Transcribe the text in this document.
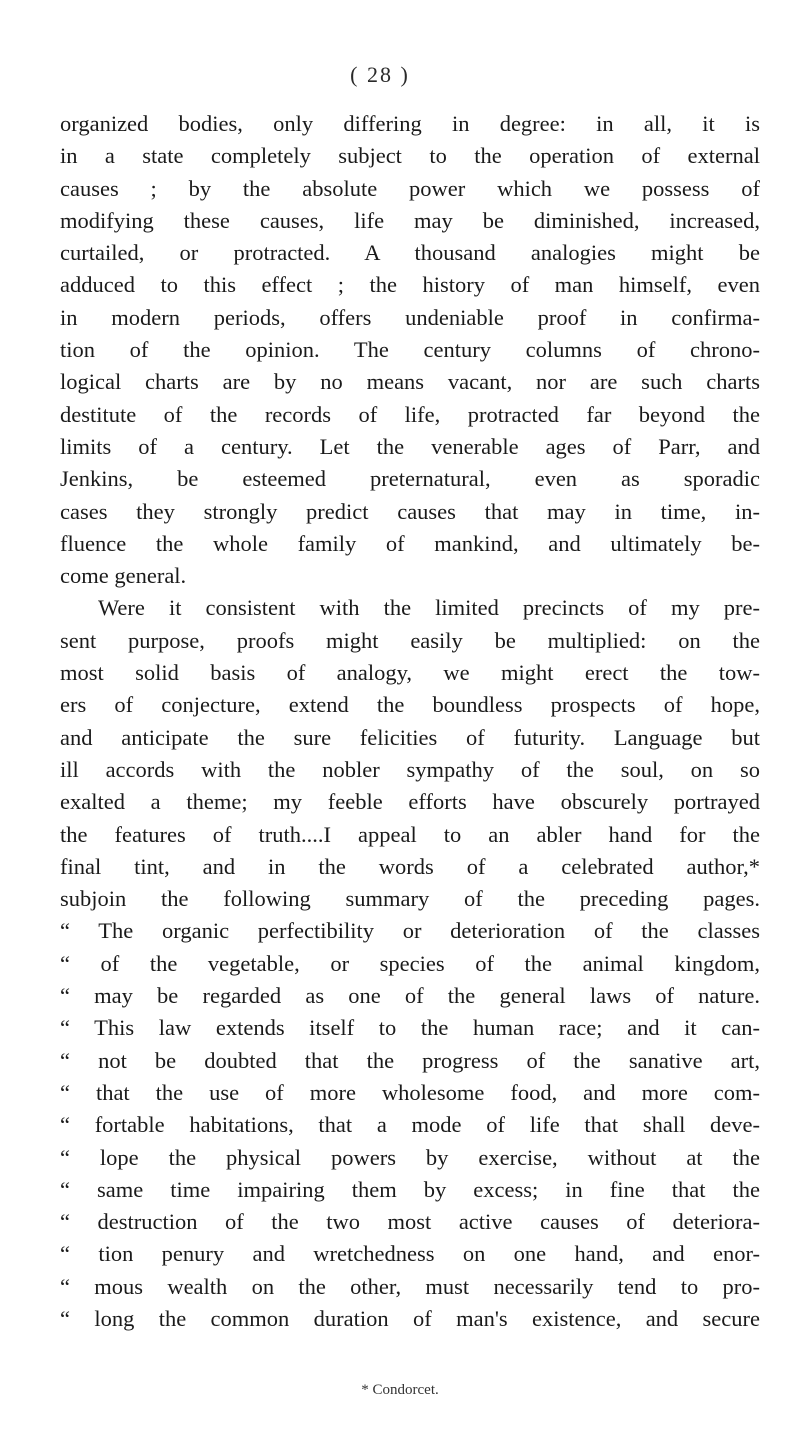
( 28 )
organized bodies, only differing in degree: in all, it is
in a state completely subject to the operation of external
causes ; by the absolute power which we possess of
modifying these causes, life may be diminished, increased,
curtailed, or protracted. A thousand analogies might be
adduced to this effect ; the history of man himself, even
in modern periods, offers undeniable proof in confirma-
tion of the opinion. The century columns of chrono-
logical charts are by no means vacant, nor are such charts
destitute of the records of life, protracted far beyond the
limits of a century. Let the venerable ages of Parr, and
Jenkins, be esteemed preternatural, even as sporadic
cases they strongly predict causes that may in time, in-
fluence the whole family of mankind, and ultimately be-
come general.
Were it consistent with the limited precincts of my pre-
sent purpose, proofs might easily be multiplied: on the
most solid basis of analogy, we might erect the tow-
ers of conjecture, extend the boundless prospects of hope,
and anticipate the sure felicities of futurity. Language but
ill accords with the nobler sympathy of the soul, on so
exalted a theme; my feeble efforts have obscurely portrayed
the features of truth....I appeal to an abler hand for the
final tint, and in the words of a celebrated author,*
subjoin the following summary of the preceding pages.
“ The organic perfectibility or deterioration of the classes
“ of the vegetable, or species of the animal kingdom,
“ may be regarded as one of the general laws of nature.
“ This law extends itself to the human race; and it can-
“ not be doubted that the progress of the sanative art,
“ that the use of more wholesome food, and more com-
“ fortable habitations, that a mode of life that shall deve-
“ lope the physical powers by exercise, without at the
“ same time impairing them by excess; in fine that the
“ destruction of the two most active causes of deteriora-
“ tion penury and wretchedness on one hand, and enor-
“ mous wealth on the other, must necessarily tend to pro-
“ long the common duration of man's existence, and secure
* Condorcet.
